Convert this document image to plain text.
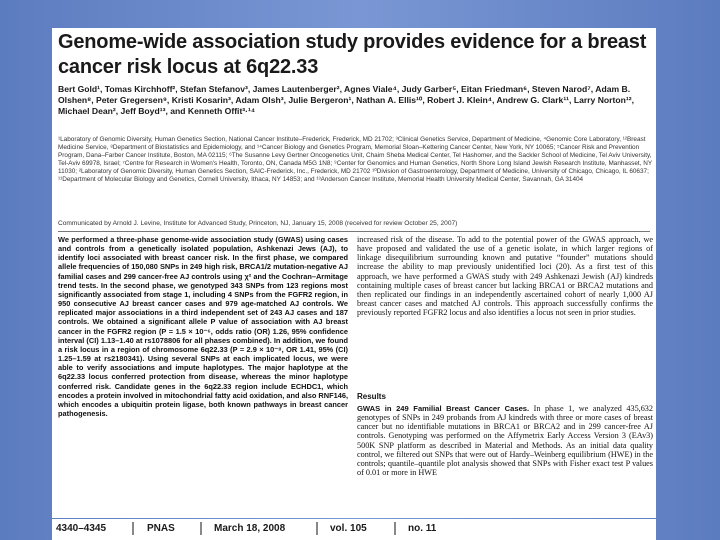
Genome-wide association study provides evidence for a breast cancer risk locus at 6q22.33
Bert Gold¹, Tomas Kirchhoff², Stefan Stefanov³, James Lautenberger², Agnes Viale⁴, Judy Garber⁵, Eitan Friedman⁶, Steven Narod⁷, Adam B. Olshen⁸, Peter Gregersen⁹, Kristi Kosarin³, Adam Olsh³, Julie Bergeron¹, Nathan A. Ellis¹⁰, Robert J. Klein⁴, Andrew G. Clark¹¹, Larry Norton¹², Michael Dean², Jeff Boyd¹³, and Kenneth Offit³·¹⁴
¹Laboratory of Genomic Diversity, Human Genetics Section, National Cancer Institute–Frederick, Frederick, MD 21702; ³Clinical Genetics Service, Department of Medicine, ⁴Genomic Core Laboratory, ¹²Breast Medicine Service, ⁸Department of Biostatistics and Epidemiology, and ¹⁴Cancer Biology and Genetics Program, Memorial Sloan–Kettering Cancer Center, New York, NY 10065; ⁵Cancer Risk and Prevention Program, Dana–Farber Cancer Institute, Boston, MA 02115; ⁶The Susanne Levy Gertner Oncogenetics Unit, Chaim Sheba Medical Center, Tel Hashomer, and the Sackler School of Medicine, Tel Aviv University, Tel-Aviv 69978, Israel; ⁷Centre for Research in Women's Health, Toronto, ON, Canada M5G 1N8; ⁹Center for Genomics and Human Genetics, North Shore Long Island Jewish Research Institute, Manhasset, NY 11030; ²Laboratory of Genomic Diversity, Human Genetics Section, SAIC-Frederick, Inc., Frederick, MD 21702 ¹⁰Division of Gastroenterology, Department of Medicine, University of Chicago, Chicago, IL 60637; ¹¹Department of Molecular Biology and Genetics, Cornell University, Ithaca, NY 14853; and ¹³Anderson Cancer Institute, Memorial Health University Medical Center, Savannah, GA 31404
Communicated by Arnold J. Levine, Institute for Advanced Study, Princeton, NJ, January 15, 2008 (received for review October 25, 2007)
We performed a three-phase genome-wide association study (GWAS) using cases and controls from a genetically isolated population, Ashkenazi Jews (AJ), to identify loci associated with breast cancer risk. In the first phase, we compared allele frequencies of 150,080 SNPs in 249 high risk, BRCA1/2 mutation-negative AJ familial cases and 299 cancer-free AJ controls using χ² and the Cochran–Armitage trend tests. In the second phase, we genotyped 343 SNPs from 123 regions most significantly associated from stage 1, including 4 SNPs from the FGFR2 region, in 950 consecutive AJ breast cancer cases and 979 age-matched AJ controls. We replicated major associations in a third independent set of 243 AJ cases and 187 controls. We obtained a significant allele P value of association with AJ breast cancer in the FGFR2 region (P = 1.5 × 10⁻⁶, odds ratio (OR) 1.26, 95% confidence interval (CI) 1.13–1.40 at rs1078806 for all phases combined). In addition, we found a risk locus in a region of chromosome 6q22.33 (P = 2.9 × 10⁻⁸, OR 1.41, 95% (CI) 1.25–1.59 at rs2180341). Using several SNPs at each implicated locus, we were able to verify associations and impute haplotypes. The major haplotype at the 6q22.33 locus conferred protection from disease, whereas the minor haplotype conferred risk. Candidate genes in the 6q22.33 region include ECHDC1, which encodes a protein involved in mitochondrial fatty acid oxidation, and also RNF146, which encodes a ubiquitin protein ligase, both known pathways in breast cancer pathogenesis.
increased risk of the disease. To add to the potential power of the GWAS approach, we have proposed and validated the use of a genetic isolate, in which larger regions of linkage disequilibrium surrounding known and putative “founder” mutations should increase the ability to map previously unidentified loci (20). As a first test of this approach, we have performed a GWAS study with 249 Ashkenazi Jewish (AJ) kindreds containing multiple cases of breast cancer but lacking BRCA1 or BRCA2 mutations and then replicated our findings in an independently ascertained cohort of nearly 1,000 AJ breast cancer cases and matched AJ controls. This approach successfully confirms the previously reported FGFR2 locus and also identifies a locus not seen in prior studies.
Results
GWAS in 249 Familial Breast Cancer Cases. In phase 1, we analyzed 435,632 genotypes of SNPs in 249 probands from AJ kindreds with three or more cases of breast cancer but no identifiable mutations in BRCA1 or BRCA2 and in 299 cancer-free AJ controls. Genotyping was performed on the Affymetrix Early Access Version 3 (EAv3) 500K SNP platform as described in Material and Methods. As an initial data quality control, we filtered out SNPs that were out of Hardy–Weinberg equilibrium (HWE) in the controls; quantile–quantile plot analysis showed that SNPs with Fisher exact test P values of 0.01 or more in HWE
4340–4345	PNAS	March 18, 2008	vol. 105	no. 11
